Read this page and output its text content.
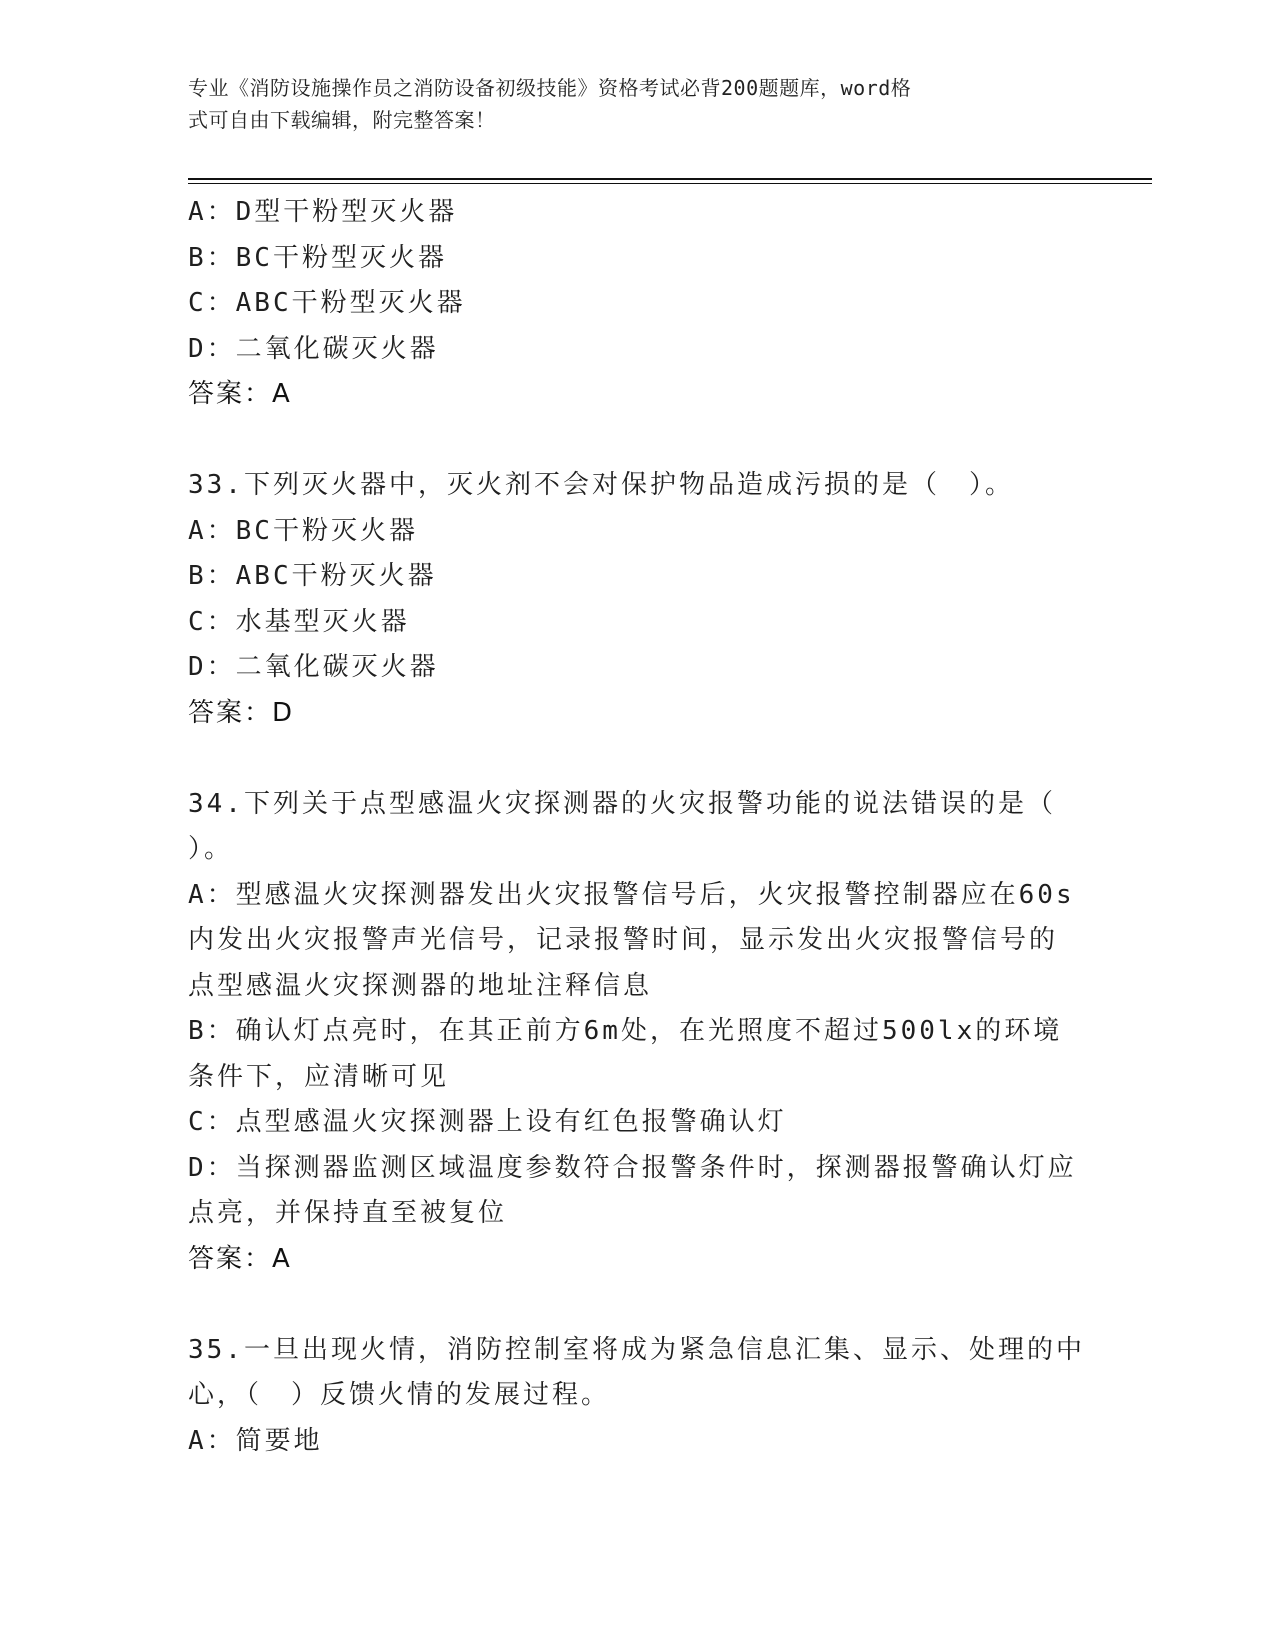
专业《消防设施操作员之消防设备初级技能》资格考试必背200题题库，word格
式可自由下载编辑，附完整答案！
A：D型干粉型灭火器
B：BC干粉型灭火器
C：ABC干粉型灭火器
D：二氧化碳灭火器
答案：A
33.下列灭火器中，灭火剂不会对保护物品造成污损的是（　）。
A：BC干粉灭火器
B：ABC干粉灭火器
C：水基型灭火器
D：二氧化碳灭火器
答案：D
34.下列关于点型感温火灾探测器的火灾报警功能的说法错误的是（
）。
A：型感温火灾探测器发出火灾报警信号后，火灾报警控制器应在60s
内发出火灾报警声光信号，记录报警时间，显示发出火灾报警信号的
点型感温火灾探测器的地址注释信息
B：确认灯点亮时，在其正前方6m处，在光照度不超过500lx的环境
条件下，应清晰可见
C：点型感温火灾探测器上设有红色报警确认灯
D：当探测器监测区域温度参数符合报警条件时，探测器报警确认灯应
点亮，并保持直至被复位
答案：A
35.一旦出现火情，消防控制室将成为紧急信息汇集、显示、处理的中
心，（　）反馈火情的发展过程。
A：简要地
